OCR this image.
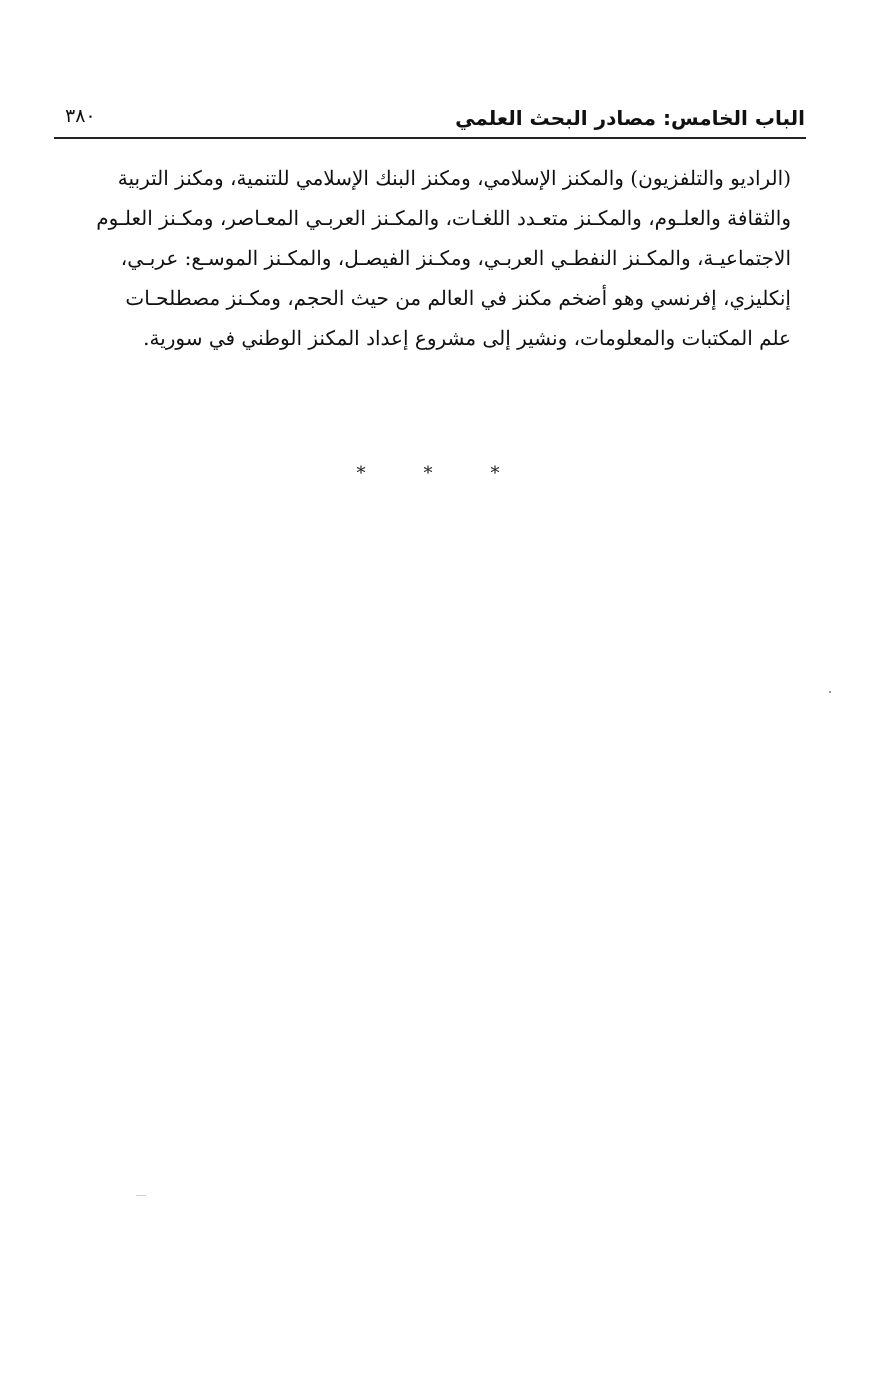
الباب الخامس: مصادر البحث العلمي
٣٨٠
(الراديو والتلفزيون) والمكنز الإسلامي، ومكنز البنك الإسلامي للتنمية، ومكنز التربية
والثقافة والعلـوم، والمكـنز متعـدد اللغـات، والمكـنز العربـي المعـاصر، ومكـنز العلـوم
الاجتماعيـة، والمكـنز النفطـي العربـي، ومكـنز الفيصـل، والمكـنز الموسـع: عربـي،
إنكليزي، إفرنسي وهو أضخم مكنز في العالم من حيث الحجم، ومكـنز مصطلحـات
علم المكتبات والمعلومات، ونشير إلى مشروع إعداد المكنز الوطني في سورية.
*	*	*
